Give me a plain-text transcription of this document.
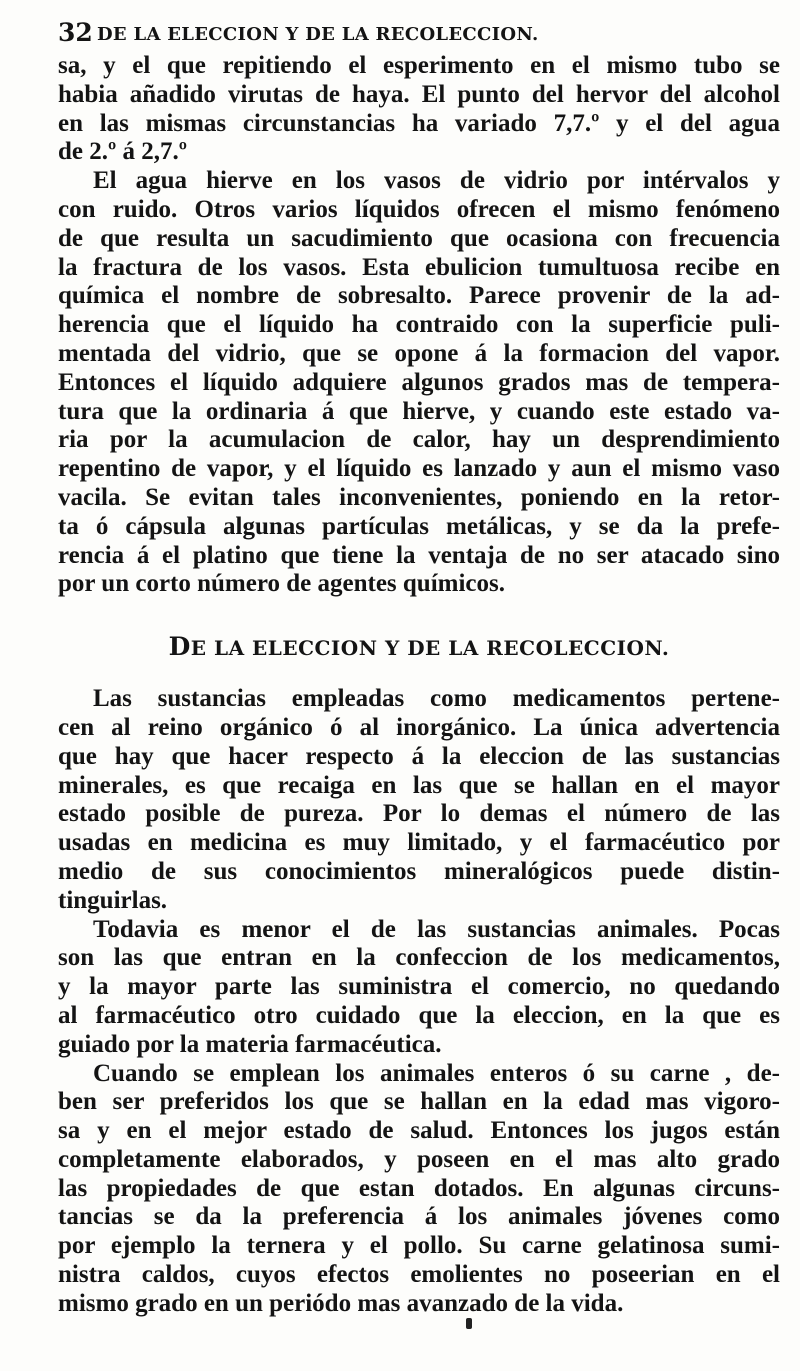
32 DE LA ELECCION Y DE LA RECOLECCION.
sa, y el que repitiendo el esperimento en el mismo tubo se
habia añadido virutas de haya. El punto del hervor del alcohol
en las mismas circunstancias ha variado 7,7.º y el del agua
de 2.º á 2,7.º
El agua hierve en los vasos de vidrio por intérvalos y
con ruido. Otros varios líquidos ofrecen el mismo fenómeno
de que resulta un sacudimiento que ocasiona con frecuencia
la fractura de los vasos. Esta ebulicion tumultuosa recibe en
química el nombre de sobresalto. Parece provenir de la ad-
herencia que el líquido ha contraido con la superficie puli-
mentada del vidrio, que se opone á la formacion del vapor.
Entonces el líquido adquiere algunos grados mas de tempera-
tura que la ordinaria á que hierve, y cuando este estado va-
ria por la acumulacion de calor, hay un desprendimiento
repentino de vapor, y el líquido es lanzado y aun el mismo vaso
vacila. Se evitan tales inconvenientes, poniendo en la retor-
ta ó cápsula algunas partículas metálicas, y se da la prefe-
rencia á el platino que tiene la ventaja de no ser atacado sino
por un corto número de agentes químicos.
DE LA ELECCION Y DE LA RECOLECCION.
Las sustancias empleadas como medicamentos pertene-
cen al reino orgánico ó al inorgánico. La única advertencia
que hay que hacer respecto á la eleccion de las sustancias
minerales, es que recaiga en las que se hallan en el mayor
estado posible de pureza. Por lo demas el número de las
usadas en medicina es muy limitado, y el farmacéutico por
medio de sus conocimientos mineralógicos puede distin-
tinguirlas.
Todavia es menor el de las sustancias animales. Pocas
son las que entran en la confeccion de los medicamentos,
y la mayor parte las suministra el comercio, no quedando
al farmacéutico otro cuidado que la eleccion, en la que es
guiado por la materia farmacéutica.
Cuando se emplean los animales enteros ó su carne , de-
ben ser preferidos los que se hallan en la edad mas vigoro-
sa y en el mejor estado de salud. Entonces los jugos están
completamente elaborados, y poseen en el mas alto grado
las propiedades de que estan dotados. En algunas circuns-
tancias se da la preferencia á los animales jóvenes como
por ejemplo la ternera y el pollo. Su carne gelatinosa sumi-
nistra caldos, cuyos efectos emolientes no poseerian en el
mismo grado en un periódo mas avanzado de la vida.
